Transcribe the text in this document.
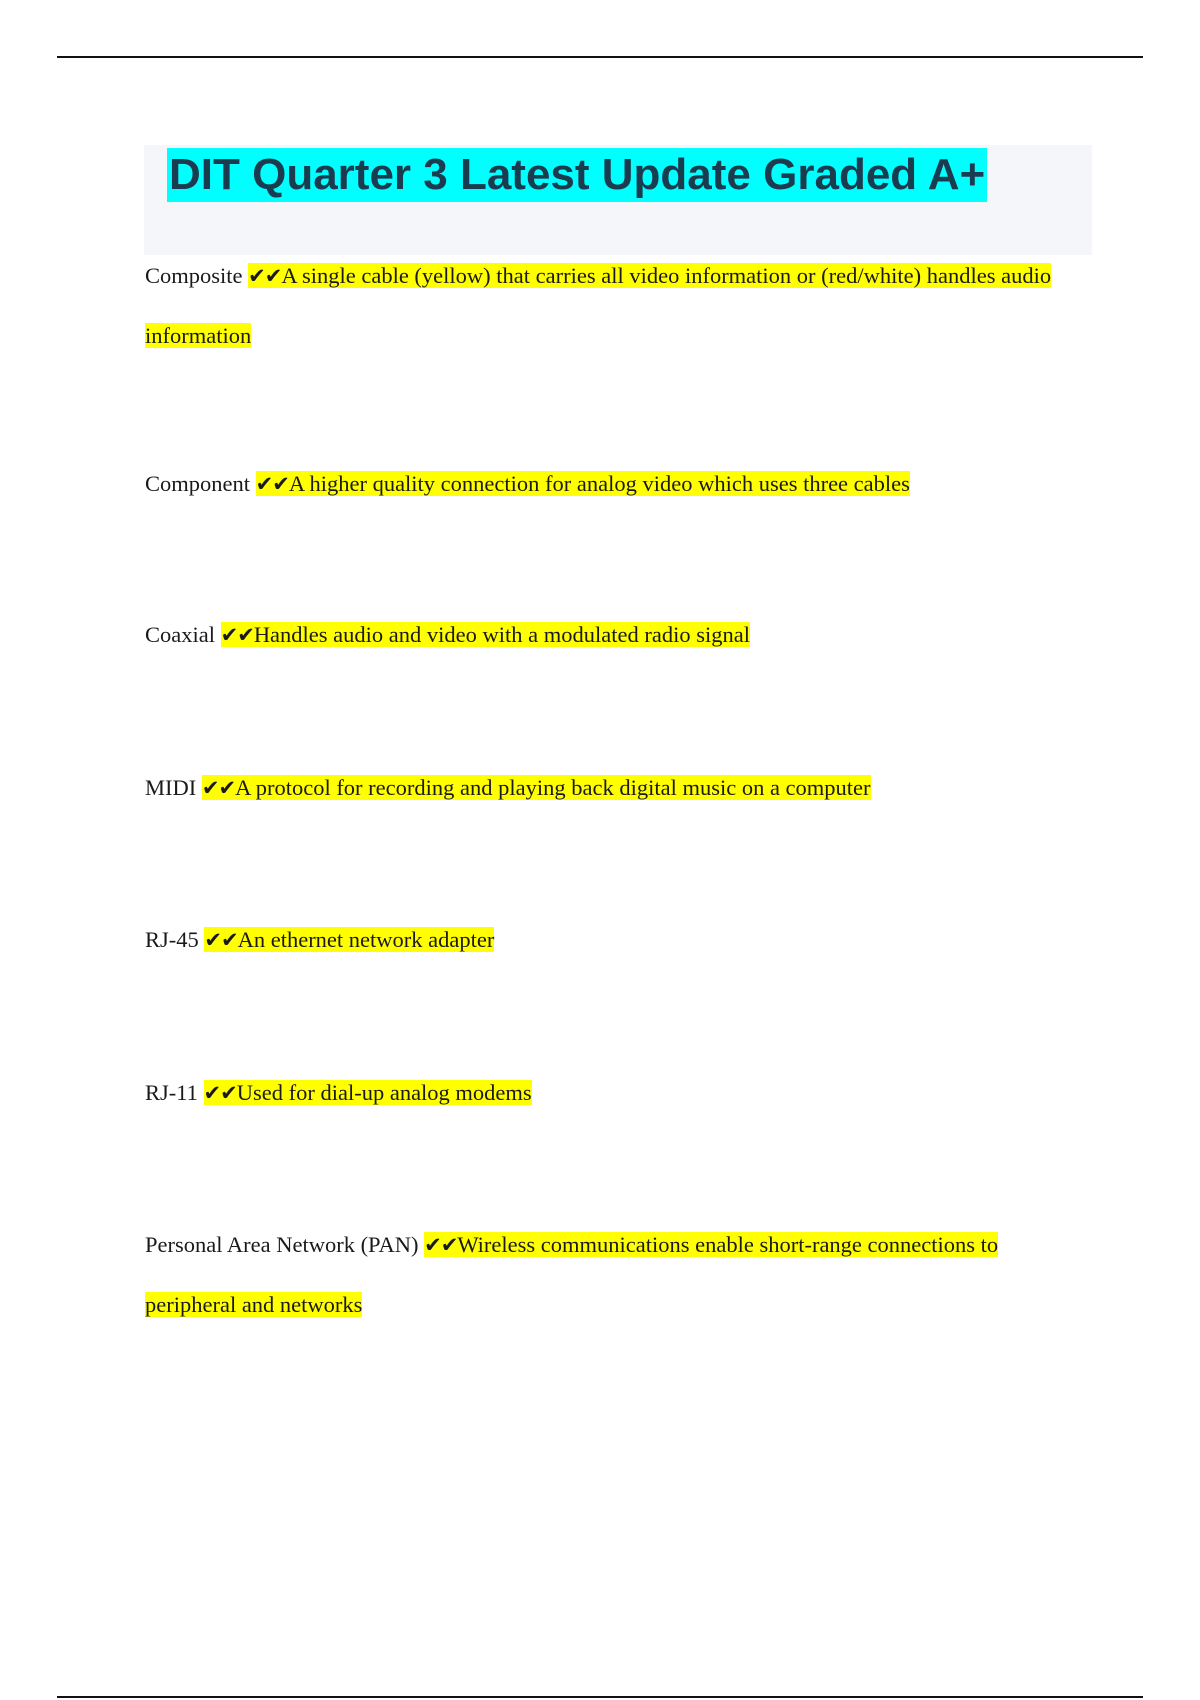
DIT Quarter 3 Latest Update Graded A+

Composite ✔✔A single cable (yellow) that carries all video information or (red/white) handles audio information

Component ✔✔A higher quality connection for analog video which uses three cables

Coaxial ✔✔Handles audio and video with a modulated radio signal

MIDI ✔✔A protocol for recording and playing back digital music on a computer

RJ-45 ✔✔An ethernet network adapter

RJ-11 ✔✔Used for dial-up analog modems

Personal Area Network (PAN) ✔✔Wireless communications enable short-range connections to peripheral and networks
